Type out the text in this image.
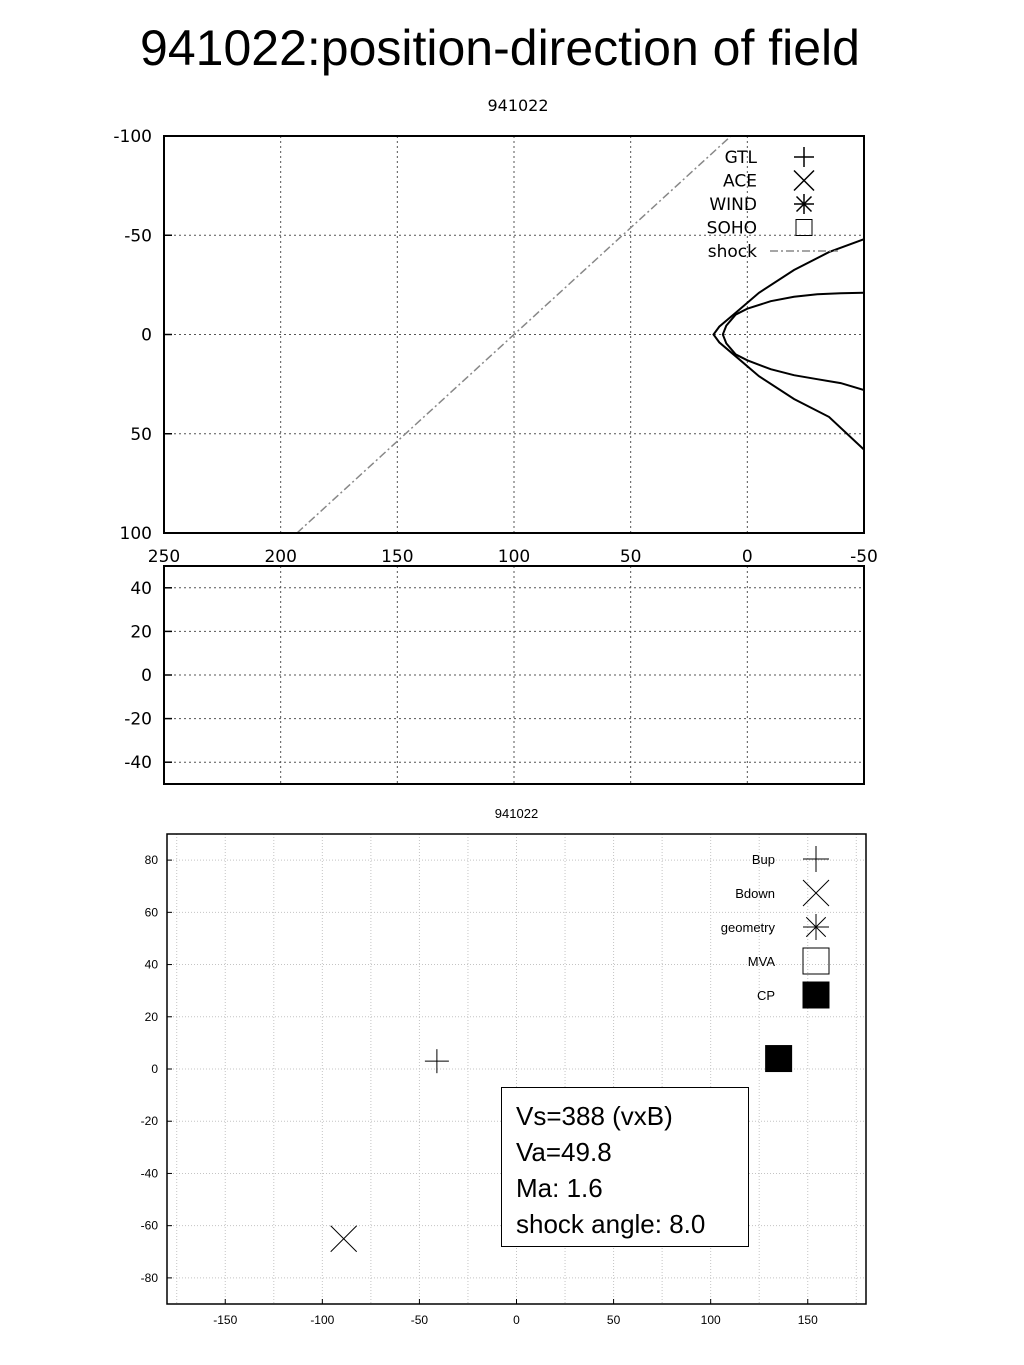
941022:position-direction of field
941022
250	200	150	100	50	0	-50
-100
-50
0
50
100
GTL
ACE
WIND
SOHO
shock
40
20
0
-20
-40
941022
-150	-100	-50	0	50	100	150
80
60
40
20
0
-20
-40
-60
-80
Bup
Bdown
geometry
MVA
CP
Vs=388 (vxB)
Va=49.8
Ma: 1.6
shock angle: 8.0
